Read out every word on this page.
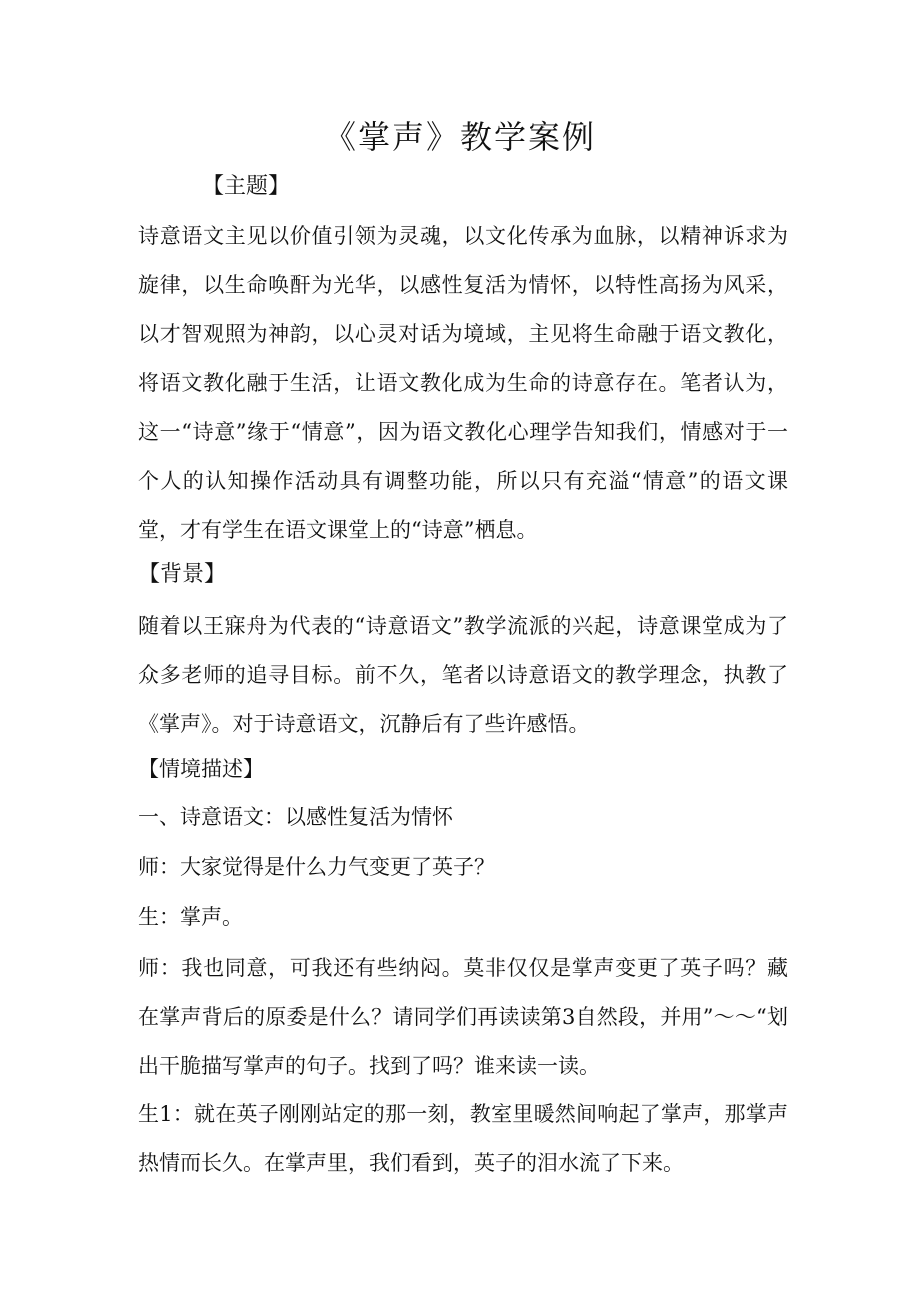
《掌声》教学案例
【主题】
诗意语文主见以价值引领为灵魂，以文化传承为血脉，以精神诉求为旋律，以生命唤酐为光华，以感性复活为情怀，以特性高扬为风采，以才智观照为神韵，以心灵对话为境域，主见将生命融于语文教化，将语文教化融于生活，让语文教化成为生命的诗意存在。笔者认为，这一“诗意”缘于“情意”，因为语文教化心理学告知我们，情感对于一个人的认知操作活动具有调整功能，所以只有充溢“情意”的语文课堂，才有学生在语文课堂上的“诗意”栖息。
【背景】
随着以王寐舟为代表的“诗意语文”教学流派的兴起，诗意课堂成为了众多老师的追寻目标。前不久，笔者以诗意语文的教学理念，执教了《掌声》。对于诗意语文，沉静后有了些许感悟。
【情境描述】
一、诗意语文：以感性复活为情怀
师：大家觉得是什么力气变更了英子？
生：掌声。
师：我也同意，可我还有些纳闷。莫非仅仅是掌声变更了英子吗？藏在掌声背后的原委是什么？请同学们再读读第3自然段，并用”～～“划出干脆描写掌声的句子。找到了吗？谁来读一读。
生1：就在英子刚刚站定的那一刻，教室里暖然间响起了掌声，那掌声热情而长久。在掌声里，我们看到，英子的泪水流了下来。
